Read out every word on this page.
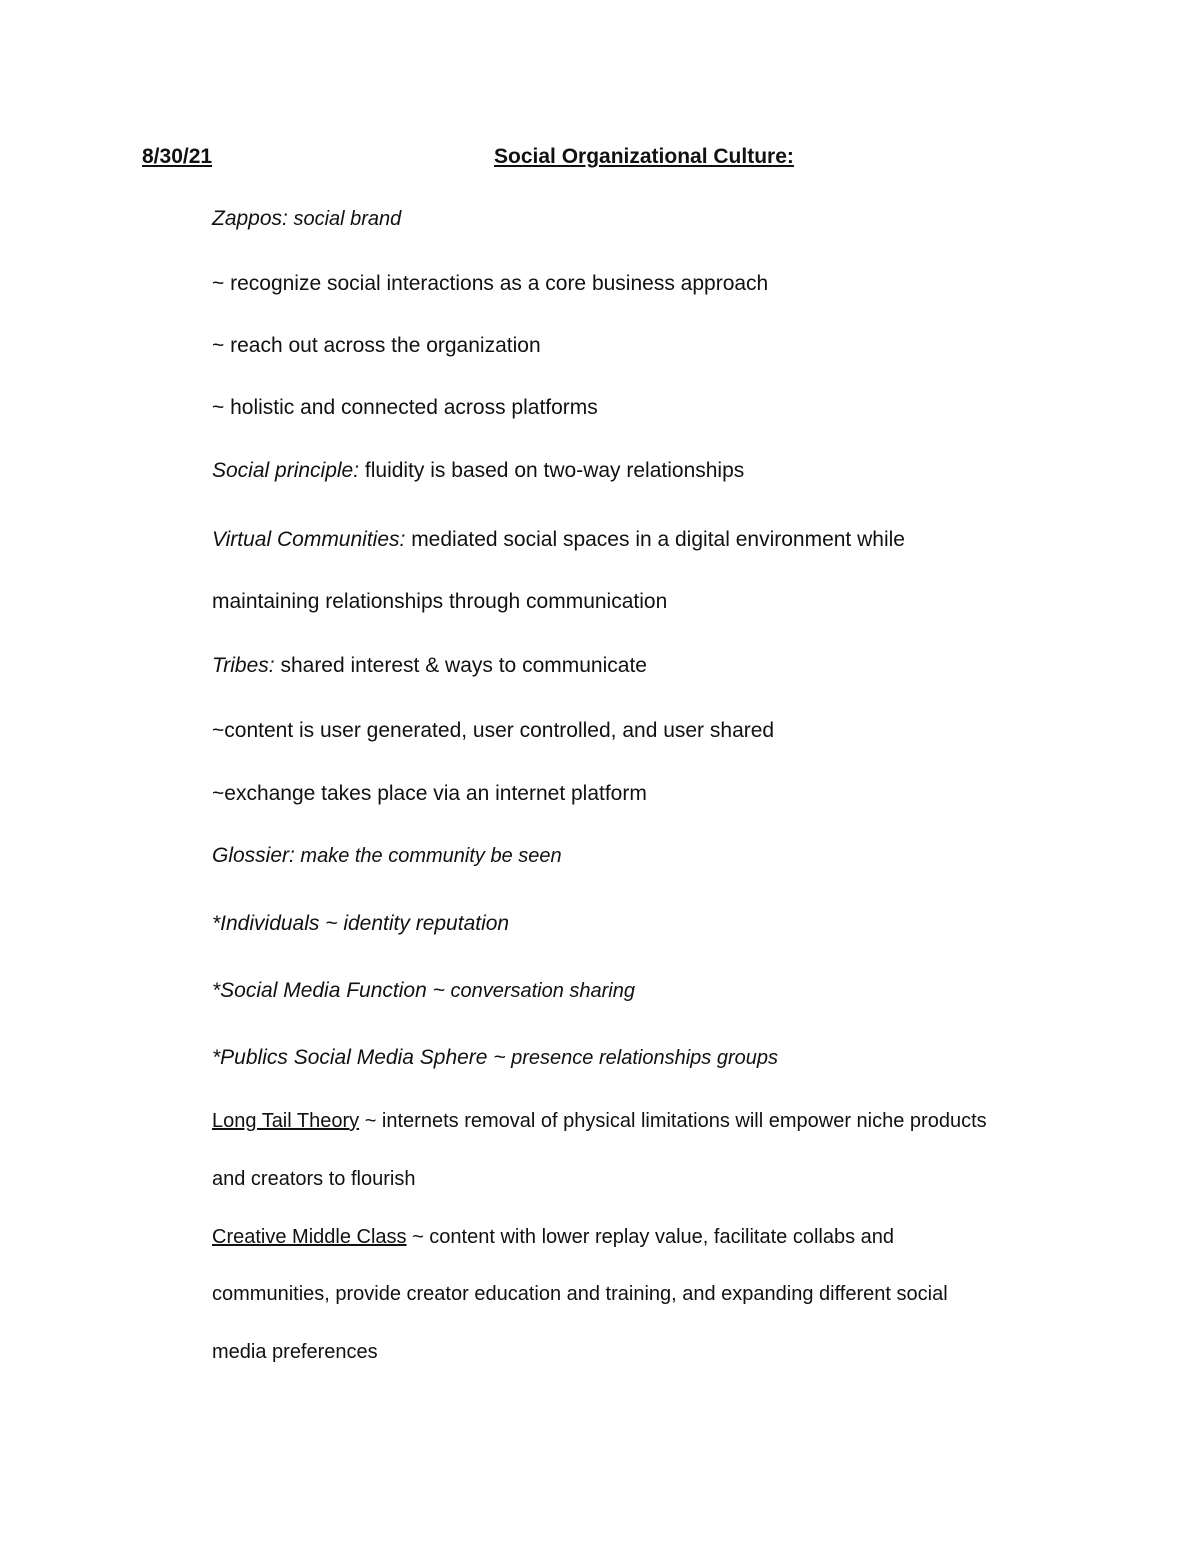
8/30/21	Social Organizational Culture:
Zappos: social brand
~ recognize social interactions as a core business approach
~ reach out across the organization
~ holistic and connected across platforms
Social principle: fluidity is based on two-way relationships
Virtual Communities: mediated social spaces in a digital environment while
maintaining relationships through communication
Tribes: shared interest & ways to communicate
~content is user generated, user controlled, and user shared
~exchange takes place via an internet platform
Glossier: make the community be seen
*Individuals ~ identity reputation
*Social Media Function ~ conversation sharing
*Publics Social Media Sphere ~ presence relationships groups
Long Tail Theory ~ internets removal of physical limitations will empower niche products
and creators to flourish
Creative Middle Class ~ content with lower replay value, facilitate collabs and
communities, provide creator education and training, and expanding different social
media preferences
